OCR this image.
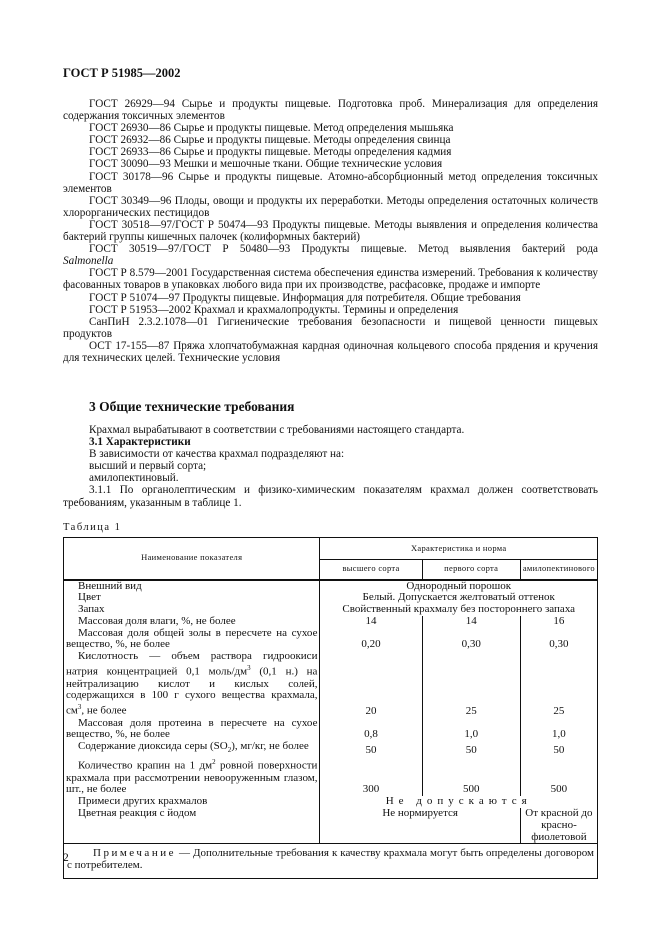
ГОСТ Р 51985—2002

ГОСТ 26929—94 Сырье и продукты пищевые. Подготовка проб. Минерализация для определения содержания токсичных элементов

ГОСТ 26930—86 Сырье и продукты пищевые. Метод определения мышьяка

ГОСТ 26932—86 Сырье и продукты пищевые. Методы определения свинца

ГОСТ 26933—86 Сырье и продукты пищевые. Методы определения кадмия

ГОСТ 30090—93 Мешки и мешочные ткани. Общие технические условия

ГОСТ 30178—96 Сырье и продукты пищевые. Атомно-абсорбционный метод определения токсичных элементов

ГОСТ 30349—96 Плоды, овощи и продукты их переработки. Методы определения остаточных количеств хлорорганических пестицидов

ГОСТ 30518—97/ГОСТ Р 50474—93 Продукты пищевые. Методы выявления и определения количества бактерий группы кишечных палочек (колиформных бактерий)

ГОСТ 30519—97/ГОСТ Р 50480—93 Продукты пищевые. Метод выявления бактерий рода

Salmonella

ГОСТ Р 8.579—2001 Государственная система обеспечения единства измерений. Требования к количеству фасованных товаров в упаковках любого вида при их производстве, расфасовке, продаже и импорте

ГОСТ Р 51074—97 Продукты пищевые. Информация для потребителя. Общие требования

ГОСТ Р 51953—2002 Крахмал и крахмалопродукты. Термины и определения

СанПиН 2.3.2.1078—01 Гигиенические требования безопасности и пищевой ценности пищевых продуктов

ОСТ 17-155—87 Пряжа хлопчатобумажная кардная одиночная кольцевого способа прядения и кручения для технических целей. Технические условия

3 Общие технические требования

Крахмал вырабатывают в соответствии с требованиями настоящего стандарта.

3.1 Характеристики

В зависимости от качества крахмал подразделяют на:

высший и первый сорта;

амилопектиновый.

3.1.1 По органолептическим и физико-химическим показателям крахмал должен соответствовать требованиям, указанным в таблице 1.

Таблица 1
Наименование показателя	Характеристика и норма		
	высшего сорта	первого сорта	амилопектинового
Внешний вид	Однородный порошок		
Цвет	Белый. Допускается желтоватый оттенок		
Запах	Свойственный крахмалу без постороннего запаха		
Массовая доля влаги, %, не более	14	14	16
Массовая доля общей золы в пересчете на сухое вещество, %, не более	0,20	0,30	0,30
Кислотность — объем раствора гидроокиси натрия концентрацией 0,1 моль/$дм^3$ (0,1 н.) на нейтрализацию кислот и кислых солей, содержащихся в 100 г сухого вещества крахмала, $см^3$, не более	20	25	25
Массовая доля протеина в пересчете на сухое вещество, %, не более	0,8	1,0	1,0
Содержание диоксида серы $(SO_2)$, мг/кг, не более	50	50	50
Количество крапин на 1 $дм^2$ ровной поверхности крахмала при рассмотрении невооруженным глазом, шт., не более	300	500	500
Примеси других крахмалов	Не допускаются		
Цветная реакция с йодом	Не нормируется		От красной до красно-фиолетовой
Примечание — Дополнительные требования к качеству крахмала могут быть определены договором с потребителем.			
2
